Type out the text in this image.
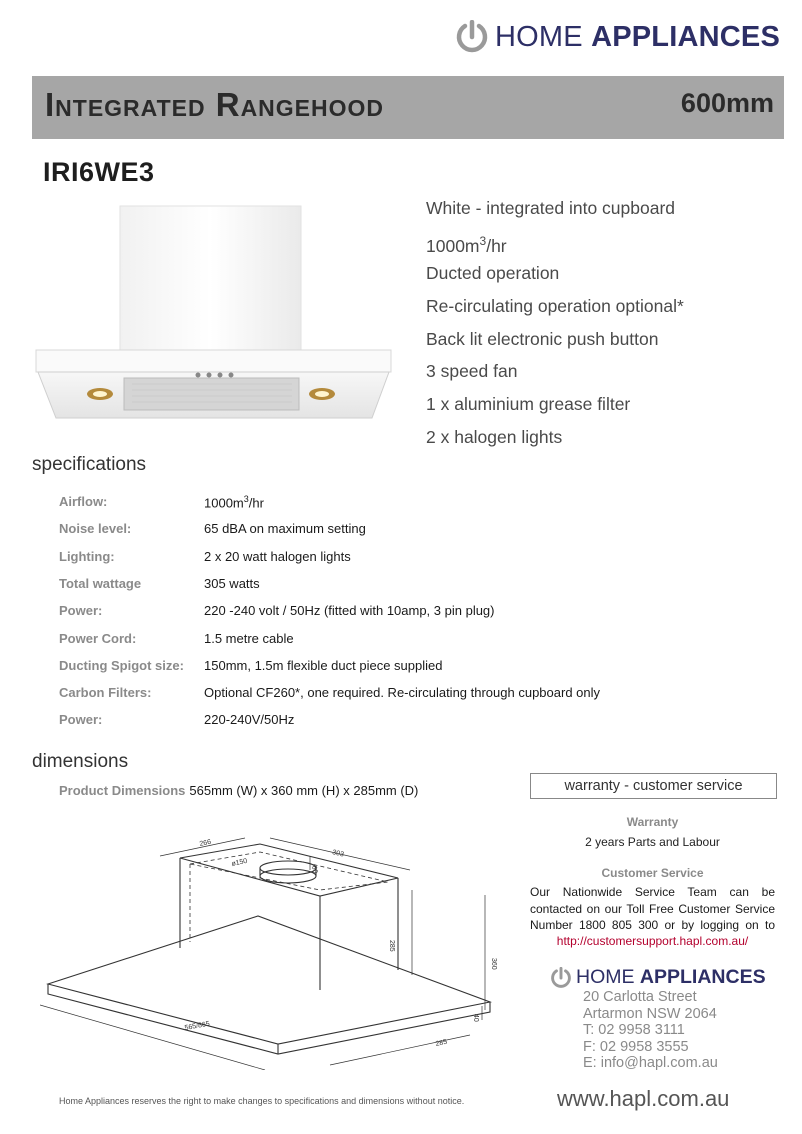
HOME APPLIANCES
Integrated Rangehood	600mm
IRI6WE3
White - integrated into cupboard
$1000m^3/hr$
Ducted operation
Re-circulating operation optional*
Back lit electronic push button
3 speed fan
1 x aluminium grease filter
2 x halogen lights
specifications
Airflow:	$1000m^3/hr$
Noise level:	65 dBA on maximum setting
Lighting:	2 x 20 watt halogen lights
Total wattage	305 watts
Power:	220 -240 volt / 50Hz (fitted with 10amp, 3 pin plug)
Power Cord:	1.5 metre cable
Ducting Spigot size:	150mm, 1.5m flexible duct piece supplied
Carbon Filters:	Optional CF260*, one required. Re-circulating through cupboard only
Power:	220-240V/50Hz
dimensions
Product Dimensions 565mm (W) x 360 mm (H) x 285mm (D)
266
303
ø150
60
285
360
40
565/865
285
warranty - customer service
Warranty
2 years Parts and Labour
Customer Service
Our Nationwide Service Team can be
contacted on our Toll Free Customer Service
Number 1800 805 300 or by logging on to
http://customersupport.hapl.com.au/
HOME APPLIANCES
20 Carlotta Street
Artarmon NSW 2064
T: 02 9958 3111
F: 02 9958 3555
E: info@hapl.com.au
Home Appliances reserves the right to make changes to specifications and dimensions without notice.	www.hapl.com.au
